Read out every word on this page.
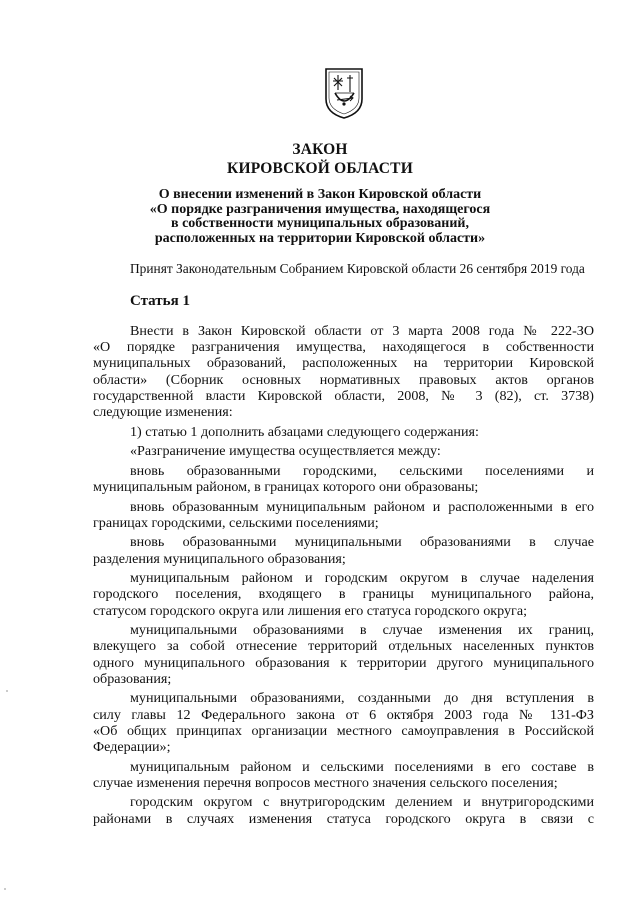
ЗАКОН
КИРОВСКОЙ ОБЛАСТИ
О внесении изменений в Закон Кировской области
«О порядке разграничения имущества, находящегося
в собственности муниципальных образований,
расположенных на территории Кировской области»
Принят Законодательным Собранием Кировской области 26 сентября 2019 года
Статья 1
Внести в Закон Кировской области от 3 марта 2008 года № 222-ЗО
«О порядке разграничения имущества, находящегося в собственности
муниципальных образований, расположенных на территории Кировской
области» (Сборник основных нормативных правовых актов органов
государственной власти Кировской области, 2008, № 3 (82), ст. 3738)
следующие изменения:
1) статью 1 дополнить абзацами следующего содержания:
«Разграничение имущества осуществляется между:
вновь образованными городскими, сельскими поселениями и
муниципальным районом, в границах которого они образованы;
вновь образованным муниципальным районом и расположенными в его
границах городскими, сельскими поселениями;
вновь образованными муниципальными образованиями в случае
разделения муниципального образования;
муниципальным районом и городским округом в случае наделения
городского поселения, входящего в границы муниципального района,
статусом городского округа или лишения его статуса городского округа;
муниципальными образованиями в случае изменения их границ,
влекущего за собой отнесение территорий отдельных населенных пунктов
одного муниципального образования к территории другого муниципального
образования;
муниципальными образованиями, созданными до дня вступления в
силу главы 12 Федерального закона от 6 октября 2003 года № 131-ФЗ
«Об общих принципах организации местного самоуправления в Российской
Федерации»;
муниципальным районом и сельскими поселениями в его составе в
случае изменения перечня вопросов местного значения сельского поселения;
городским округом с внутригородским делением и внутригородскими
районами в случаях изменения статуса городского округа в связи с
